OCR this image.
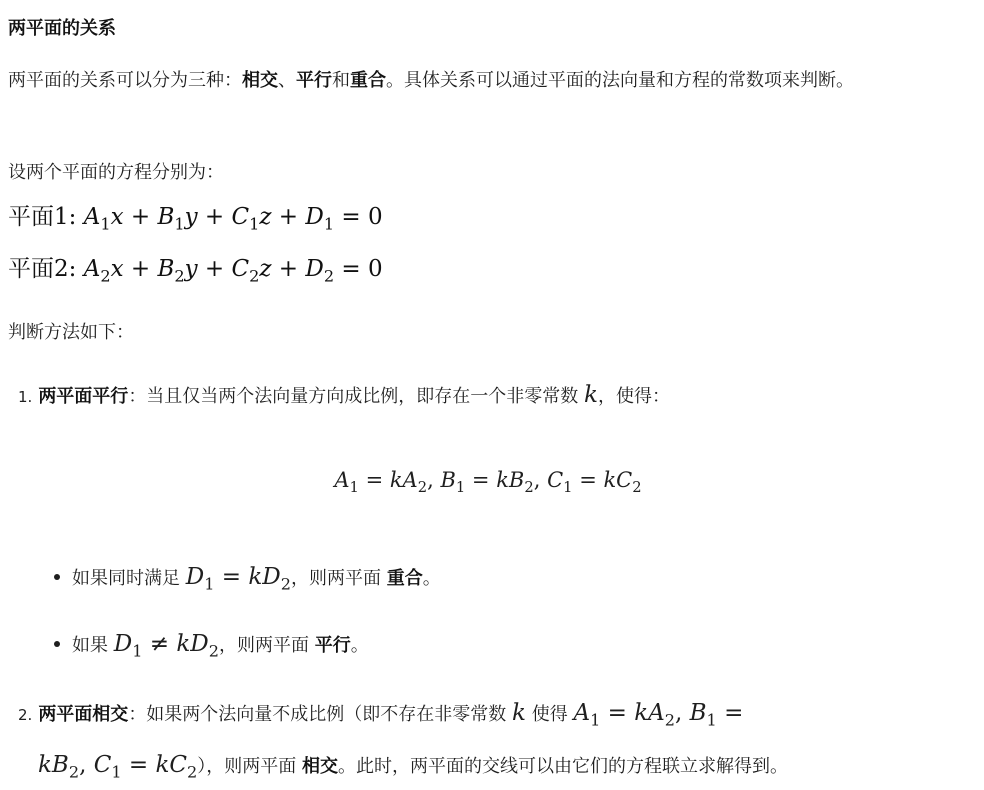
两平面的关系
两平面的关系可以分为三种：相交、平行和重合。具体关系可以通过平面的法向量和方程的常数项来判断。
设两个平面的方程分别为：
平面1: $A_1x + B_1y + C_1z + D_1 = 0$
平面2: $A_2x + B_2y + C_2z + D_2 = 0$
判断方法如下：
1. 两平面平行：当且仅当两个法向量方向成比例，即存在一个非零常数 k，使得：
$A_1 = kA_2$, $B_1 = kB_2$, $C_1 = kC_2$
如果同时满足 $D_1 = kD_2$，则两平面 重合。
如果 $D_1 \ne kD_2$，则两平面 平行。
2. 两平面相交：如果两个法向量不成比例（即不存在非零常数 k 使得 $A_1 = kA_2$, $B_1$ =
$kB_2$, $C_1 = kC_2$），则两平面 相交。此时，两平面的交线可以由它们的方程联立求解得到。
